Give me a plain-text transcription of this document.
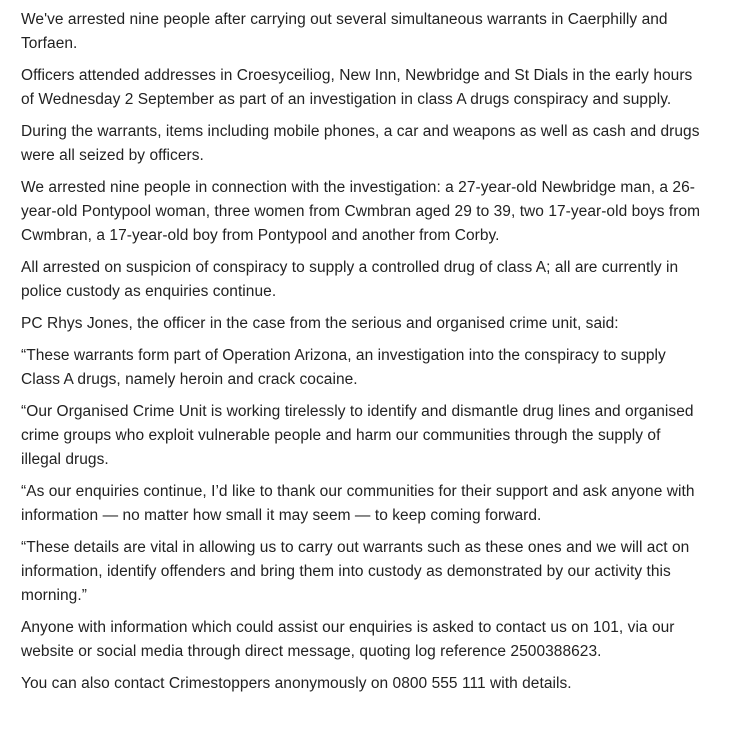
We've arrested nine people after carrying out several simultaneous warrants in Caerphilly and Torfaen.

Officers attended addresses in Croesyceiliog, New Inn, Newbridge and St Dials in the early hours of Wednesday 2 September as part of an investigation in class A drugs conspiracy and supply.

During the warrants, items including mobile phones, a car and weapons as well as cash and drugs were all seized by officers.

We arrested nine people in connection with the investigation: a 27-year-old Newbridge man, a 26-year-old Pontypool woman, three women from Cwmbran aged 29 to 39, two 17-year-old boys from Cwmbran, a 17-year-old boy from Pontypool and another from Corby.

All arrested on suspicion of conspiracy to supply a controlled drug of class A; all are currently in police custody as enquiries continue.

PC Rhys Jones, the officer in the case from the serious and organised crime unit, said:

“These warrants form part of Operation Arizona, an investigation into the conspiracy to supply Class A drugs, namely heroin and crack cocaine.

“Our Organised Crime Unit is working tirelessly to identify and dismantle drug lines and organised crime groups who exploit vulnerable people and harm our communities through the supply of illegal drugs.

“As our enquiries continue, I’d like to thank our communities for their support and ask anyone with information — no matter how small it may seem — to keep coming forward.

“These details are vital in allowing us to carry out warrants such as these ones and we will act on information, identify offenders and bring them into custody as demonstrated by our activity this morning.”

Anyone with information which could assist our enquiries is asked to contact us on 101, via our website or social media through direct message, quoting log reference 2500388623.

You can also contact Crimestoppers anonymously on 0800 555 111 with details.
